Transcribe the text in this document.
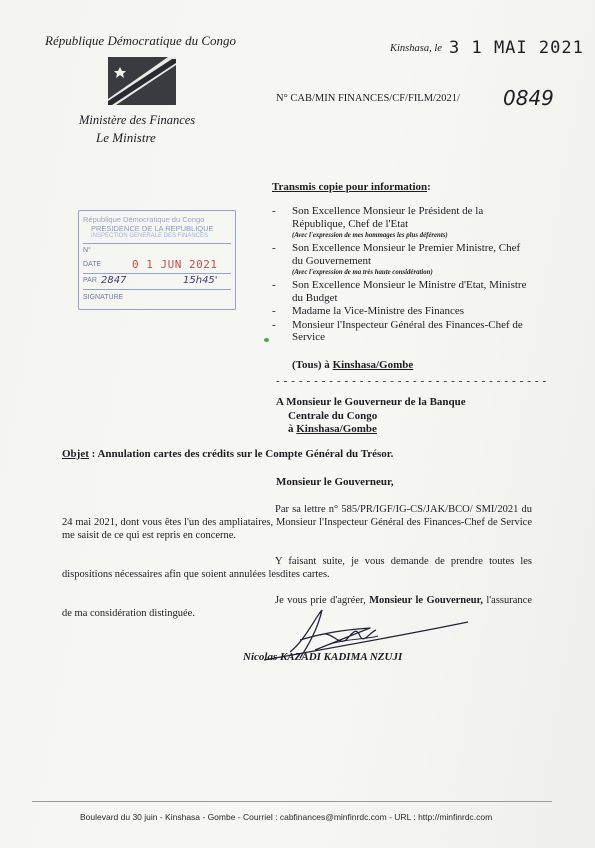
République Démocratique du Congo
Ministère des Finances
Le Ministre
Kinshasa, le 3 1 MAI 2021
N° CAB/MIN FINANCES/CF/FILM/2021/ 0849
République Démocratique du Congo
PRESIDENCE DE LA REPUBLIQUE
INSPECTION GENERALE DES FINANCES
N°
DATE	0 1 JUN 2021
PAR 2847	15h45'
SIGNATURE
Transmis copie pour information:
- Son Excellence Monsieur le Président de la République, Chef de l'Etat
(Avec l'expression de mes hommages les plus déférents)
- Son Excellence Monsieur le Premier Ministre, Chef du Gouvernement
(Avec l'expression de ma très haute considération)
- Son Excellence Monsieur le Ministre d'Etat, Ministre du Budget
- Madame la Vice-Ministre des Finances
- Monsieur l'Inspecteur Général des Finances-Chef de Service
(Tous) à Kinshasa/Gombe
- - - - - - - - - - - - - - - - - - - - - - - - - - - - - - - - - - - -
A Monsieur le Gouverneur de la Banque
Centrale du Congo
à Kinshasa/Gombe
Objet : Annulation cartes des crédits sur le Compte Général du Trésor.
Monsieur le Gouverneur,
Par sa lettre n° 585/PR/IGF/IG-CS/JAK/BCO/ SMI/2021 du 24 mai 2021, dont vous êtes l'un des ampliataires, Monsieur l'Inspecteur Général des Finances-Chef de Service me saisit de ce qui est repris en concerne.
Y faisant suite, je vous demande de prendre toutes les dispositions nécessaires afin que soient annulées lesdites cartes.
Je vous prie d'agréer, Monsieur le Gouverneur, l'assurance de ma considération distinguée.
Nicolas KAZADI KADIMA NZUJI
Boulevard du 30 juin - Kinshasa - Gombe - Courriel : cabfinances@minfinrdc.com - URL : http://minfinrdc.com
